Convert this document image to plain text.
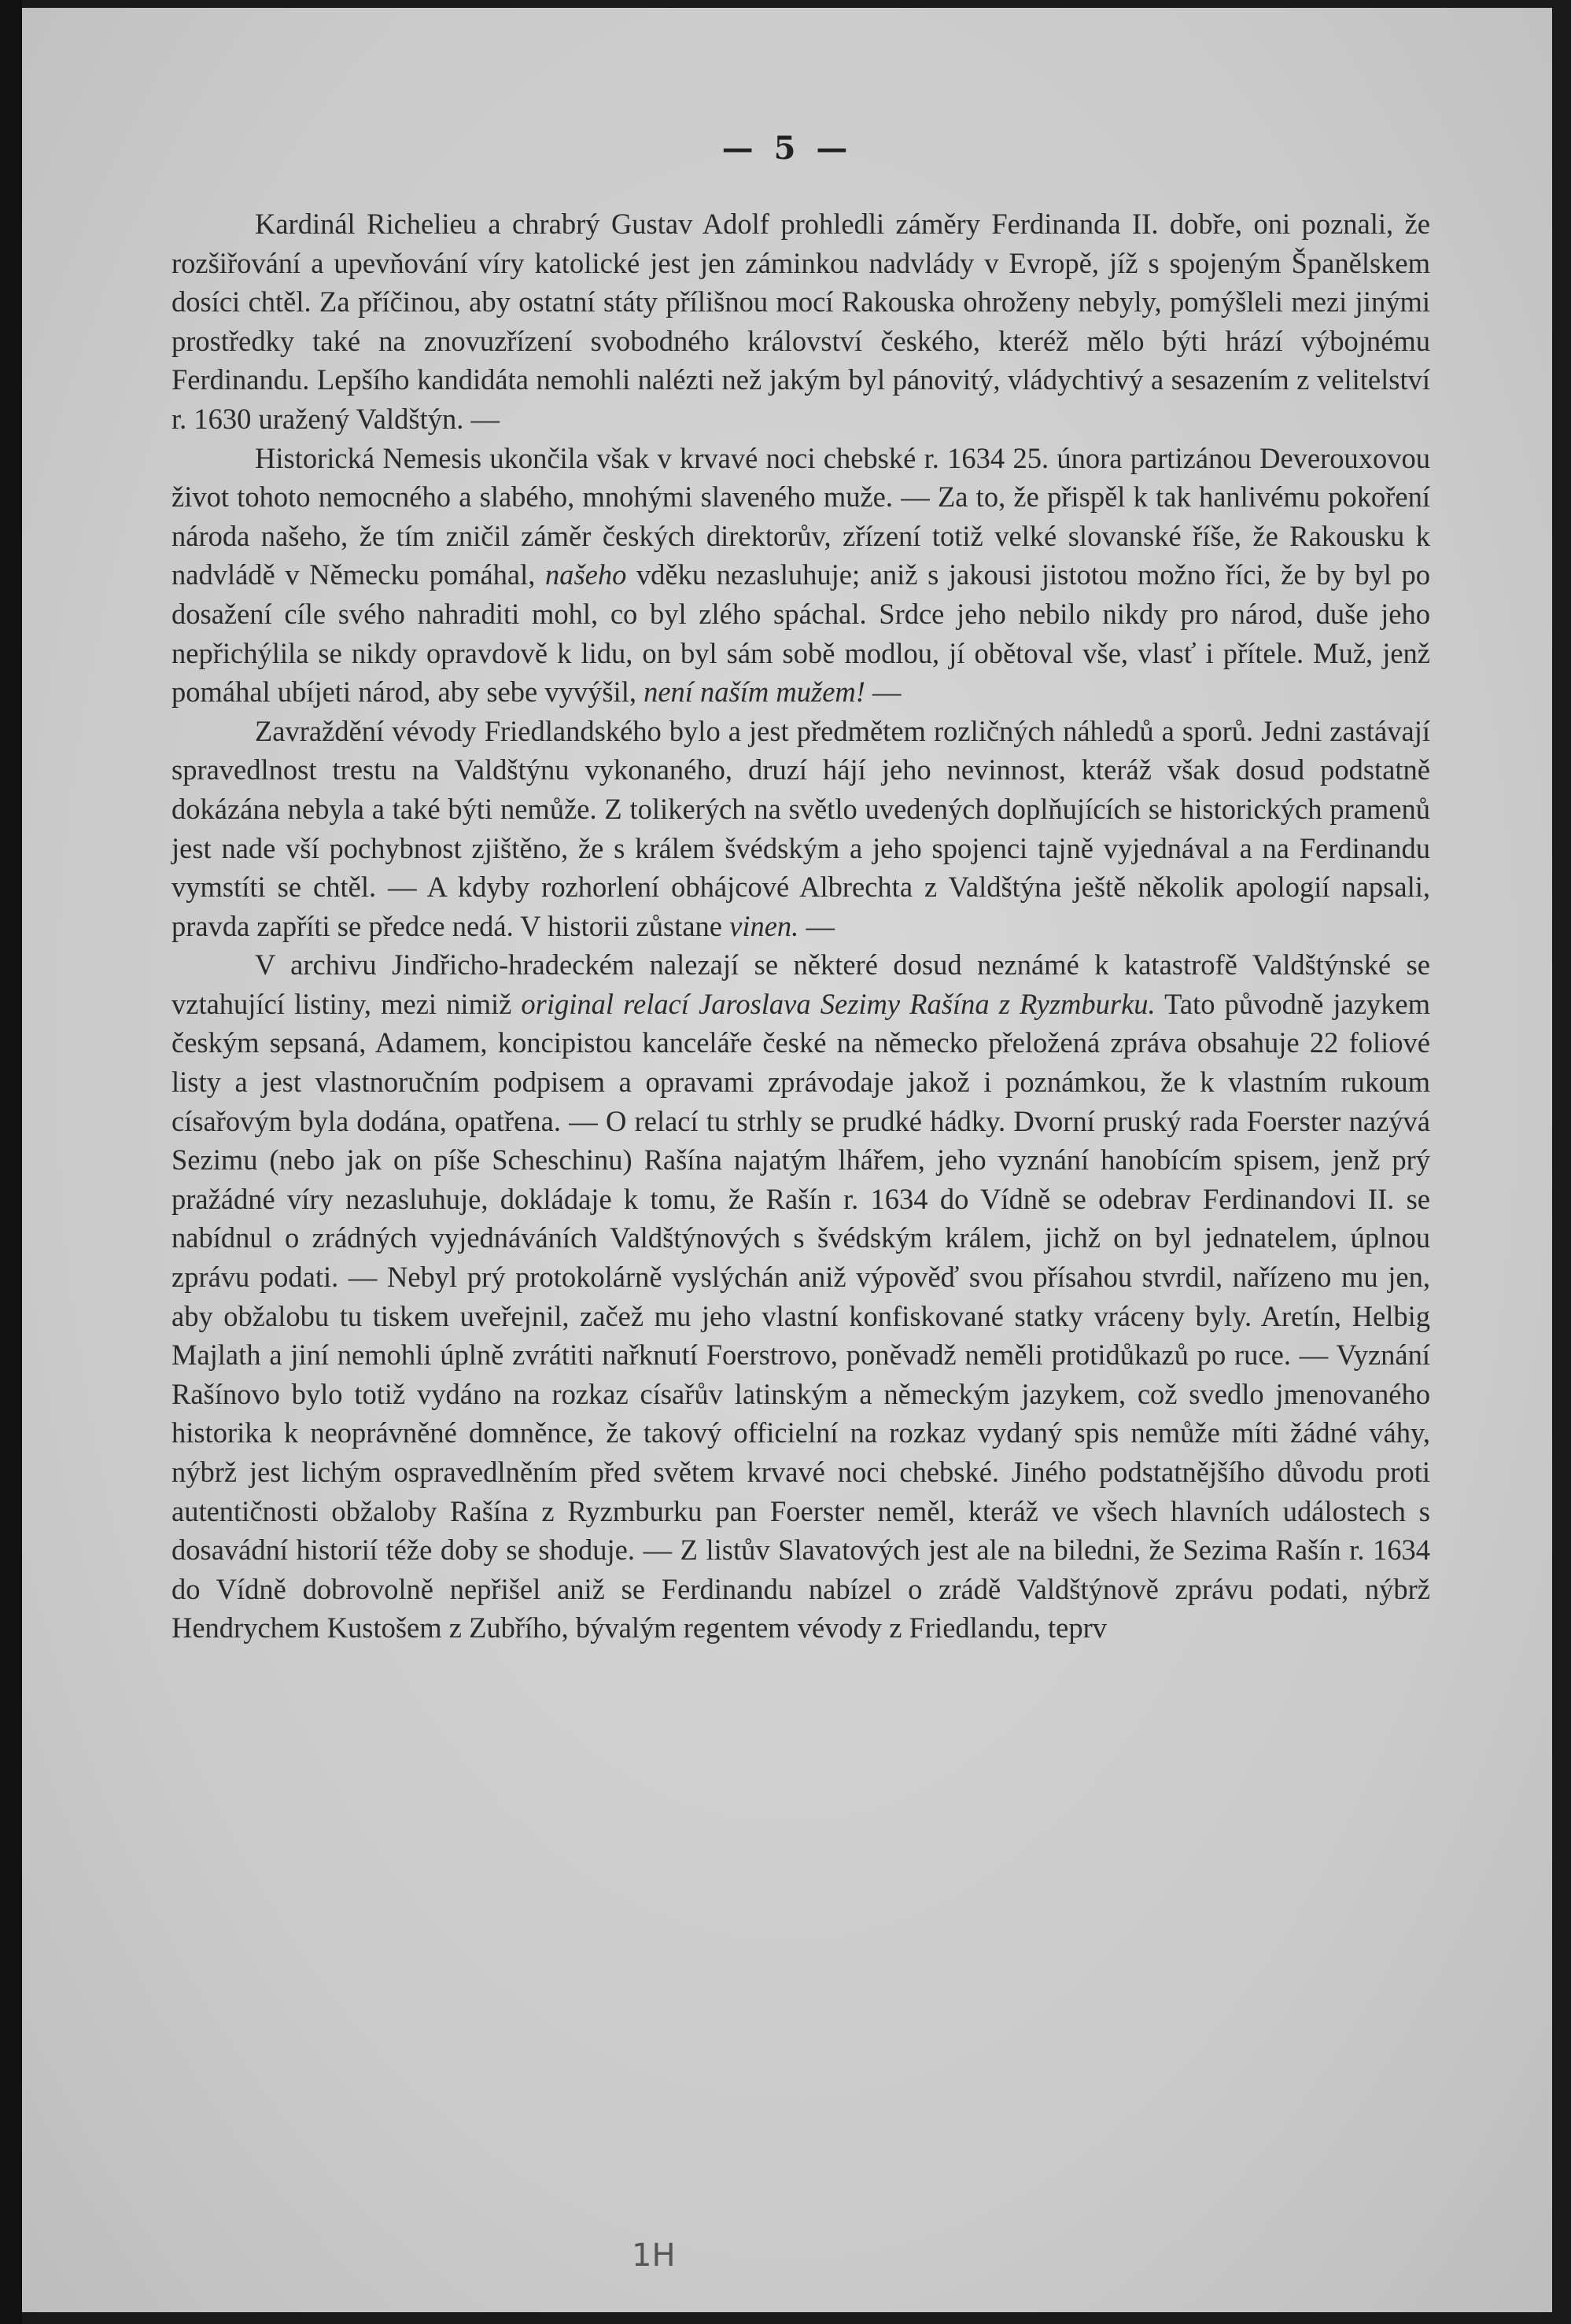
— 5 —

Kardinál Richelieu a chrabrý Gustav Adolf prohledli záměry Ferdinanda II. dobře, oni poznali, že rozšiřování a upevňování víry katolické jest jen záminkou nadvlády v Evropě, jíž s spojeným Španělskem dosíci chtěl. Za příčinou, aby ostatní státy přílišnou mocí Rakouska ohroženy nebyly, pomýšleli mezi jinými prostředky také na znovuzřízení svobodného království českého, kteréž mělo býti hrází výbojnému Ferdinandu. Lepšího kandidáta nemohli nalézti než jakým byl pánovitý, vládychtivý a sesazením z velitelství r. 1630 uražený Valdštýn. —

Historická Nemesis ukončila však v krvavé noci chebské r. 1634 25. února partizánou Deverouxovou život tohoto nemocného a slabého, mnohými slaveného muže. — Za to, že přispěl k tak hanlivému pokoření národa našeho, že tím zničil záměr českých direktorův, zřízení totiž velké slovanské říše, že Rakousku k nadvládě v Německu pomáhal, našeho vděku nezasluhuje; aniž s jakousi jistotou možno říci, že by byl po dosažení cíle svého nahraditi mohl, co byl zlého spáchal. Srdce jeho nebilo nikdy pro národ, duše jeho nepřichýlila se nikdy opravdově k lidu, on byl sám sobě modlou, jí obětoval vše, vlasť i přítele. Muž, jenž pomáhal ubíjeti národ, aby sebe vyvýšil, není naším mužem! —

Zavraždění vévody Friedlandského bylo a jest předmětem rozličných náhledů a sporů. Jedni zastávají spravedlnost trestu na Valdštýnu vykonaného, druzí hájí jeho nevinnost, kteráž však dosud podstatně dokázána nebyla a také býti nemůže. Z tolikerých na světlo uvedených doplňujících se historických pramenů jest nade vší pochybnost zjištěno, že s králem švédským a jeho spojenci tajně vyjednával a na Ferdinandu vymstíti se chtěl. — A kdyby rozhorlení obhájcové Albrechta z Valdštýna ještě několik apologií napsali, pravda zapříti se předce nedá. V historii zůstane vinen. —

V archivu Jindřicho-hradeckém nalezají se některé dosud neznámé k katastrofě Valdštýnské se vztahující listiny, mezi nimiž original relací Jaroslava Sezimy Rašína z Ryzmburku. Tato původně jazykem českým sepsaná, Adamem, koncipistou kanceláře české na německo přeložená zpráva obsahuje 22 foliové listy a jest vlastnoručním podpisem a opravami zprávodaje jakož i poznámkou, že k vlastním rukoum císařovým byla dodána, opatřena. — O relací tu strhly se prudké hádky. Dvorní pruský rada Foerster nazývá Sezimu (nebo jak on píše Scheschinu) Rašína najatým lhářem, jeho vyznání hanobícím spisem, jenž prý pražádné víry nezasluhuje, dokládaje k tomu, že Rašín r. 1634 do Vídně se odebrav Ferdinandovi II. se nabídnul o zrádných vyjednáváních Valdštýnových s švédským králem, jichž on byl jednatelem, úplnou zprávu podati. — Nebyl prý protokolárně vyslýchán aniž výpověď svou přísahou stvrdil, nařízeno mu jen, aby obžalobu tu tiskem uveřejnil, začež mu jeho vlastní konfiskované statky vráceny byly. Aretín, Helbig Majlath a jiní nemohli úplně zvrátiti nařknutí Foerstrovo, poněvadž neměli protidůkazů po ruce. — Vyznání Rašínovo bylo totiž vydáno na rozkaz císařův latinským a německým jazykem, což svedlo jmenovaného historika k neoprávněné domněnce, že takový officielní na rozkaz vydaný spis nemůže míti žádné váhy, nýbrž jest lichým ospravedlněním před světem krvavé noci chebské. Jiného podstatnějšího důvodu proti autentičnosti obžaloby Rašína z Ryzmburku pan Foerster neměl, kteráž ve všech hlavních událostech s dosavádní historií téže doby se shoduje. — Z listův Slavatových jest ale na biledni, že Sezima Rašín r. 1634 do Vídně dobrovolně nepřišel aniž se Ferdinandu nabízel o zrádě Valdštýnově zprávu podati, nýbrž Hendrychem Kustošem z Zubřího, bývalým regentem vévody z Friedlandu, teprv

1H
